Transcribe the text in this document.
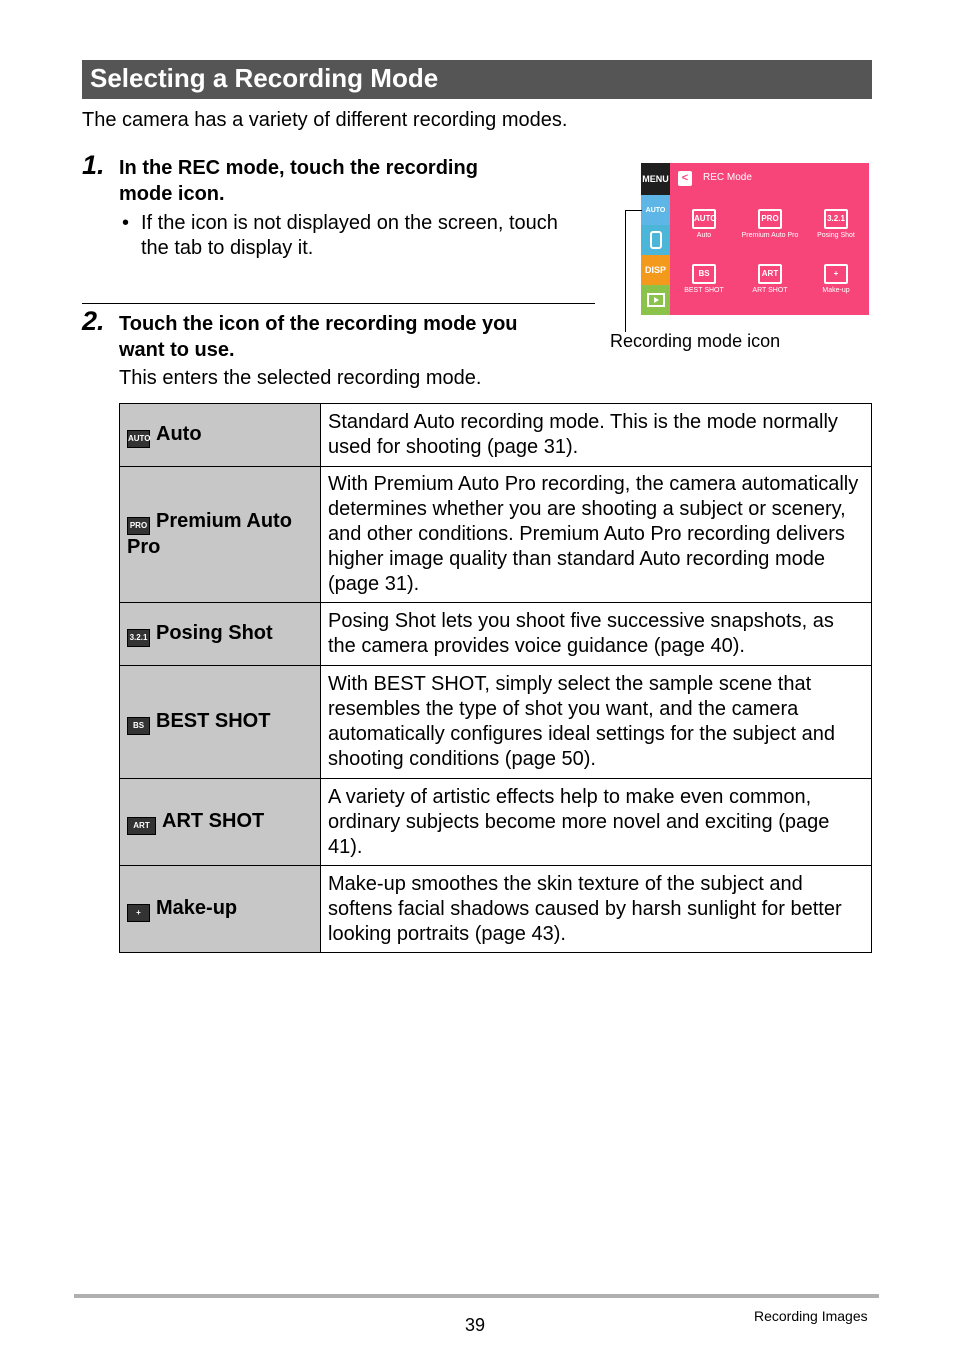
Selecting a Recording Mode
The camera has a variety of different recording modes.
1. In the REC mode, touch the recording
mode icon.
• If the icon is not displayed on the screen, touch
the tab to display it.
2. Touch the icon of the recording mode you
want to use.
This enters the selected recording mode.
MENU
AUTO
DISP
<	REC Mode
AUTO
Auto
PRO
Premium Auto Pro
3.2.1
Posing Shot
BS
BEST SHOT
ART
ART SHOT
+
Make-up
Recording mode icon
AUTO Auto	Standard Auto recording mode. This is the mode normally used for shooting (page 31).
PRO Premium Auto Pro	With Premium Auto Pro recording, the camera automatically determines whether you are shooting a subject or scenery, and other conditions. Premium Auto Pro recording delivers higher image quality than standard Auto recording mode (page 31).
3.2.1 Posing Shot	Posing Shot lets you shoot five successive snapshots, as the camera provides voice guidance (page 40).
BS BEST SHOT	With BEST SHOT, simply select the sample scene that resembles the type of shot you want, and the camera automatically configures ideal settings for the subject and shooting conditions (page 50).
ART ART SHOT	A variety of artistic effects help to make even common, ordinary subjects become more novel and exciting (page 41).
+ Make-up	Make-up smoothes the skin texture of the subject and softens facial shadows caused by harsh sunlight for better looking portraits (page 43).
39	Recording Images
